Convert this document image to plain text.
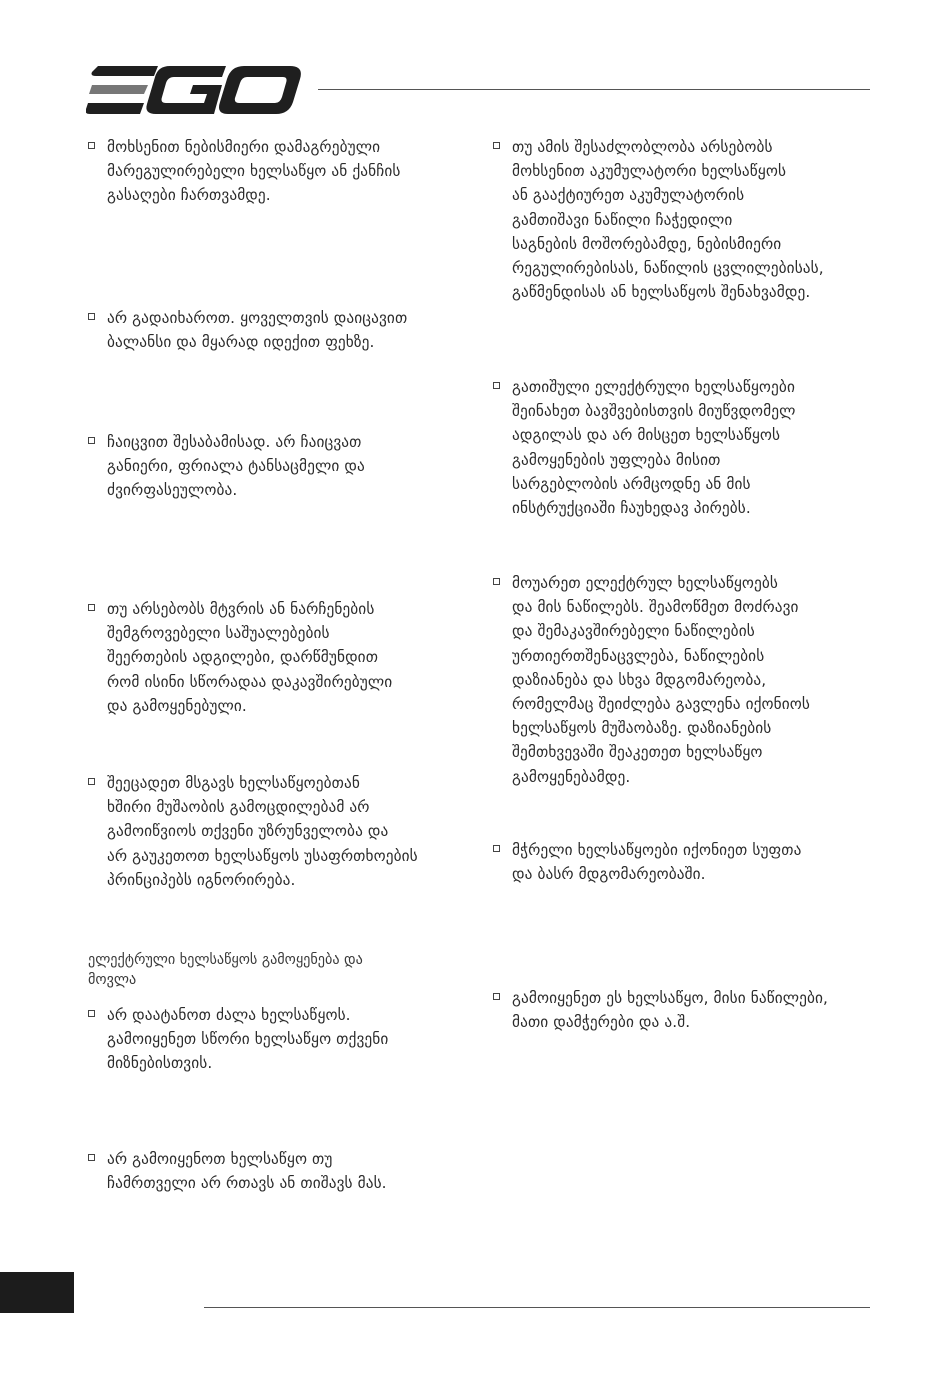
მოხსენით ნებისმიერი დამაგრებული
მარეგულირებელი ხელსაწყო ან ქანჩის
გასაღები ჩართვამდე.
არ გადაიხაროთ. ყოველთვის დაიცავით
ბალანსი და მყარად იდექით ფეხზე.
ჩაიცვით შესაბამისად. არ ჩაიცვათ
განიერი, ფრიალა ტანსაცმელი და
ძვირფასეულობა.
თუ არსებობს მტვრის ან ნარჩენების
შემგროვებელი საშუალებების
შეერთების ადგილები, დარწმუნდით
რომ ისინი სწორადაა დაკავშირებული
და გამოყენებული.
შეეცადეთ მსგავს ხელსაწყოებთან
ხშირი მუშაობის გამოცდილებამ არ
გამოიწვიოს თქვენი უზრუნველობა და
არ გაუკეთოთ ხელსაწყოს უსაფრთხოების
პრინციპებს იგნორირება.
ელექტრული ხელსაწყოს გამოყენება და
მოვლა
არ დაატანოთ ძალა ხელსაწყოს.
გამოიყენეთ სწორი ხელსაწყო თქვენი
მიზნებისთვის.
არ გამოიყენოთ ხელსაწყო თუ
ჩამრთველი არ რთავს ან თიშავს მას.
თუ ამის შესაძლობლობა არსებობს
მოხსენით აკუმულატორი ხელსაწყოს
ან გააქტიურეთ აკუმულატორის
გამთიშავი ნაწილი ჩაჭედილი
საგნების მოშორებამდე, ნებისმიერი
რეგულირებისას, ნაწილის ცვლილებისას,
გაწმენდისას ან ხელსაწყოს შენახვამდე.
გათიშული ელექტრული ხელსაწყოები
შეინახეთ ბავშვებისთვის მიუწვდომელ
ადგილას და არ მისცეთ ხელსაწყოს
გამოყენების უფლება მისით
სარგებლობის არმცოდნე ან მის
ინსტრუქციაში ჩაუხედავ პირებს.
მოუარეთ ელექტრულ ხელსაწყოებს
და მის ნაწილებს. შეამოწმეთ მოძრავი
და შემაკავშირებელი ნაწილების
ურთიერთშენაცვლება, ნაწილების
დაზიანება და სხვა მდგომარეობა,
რომელმაც შეიძლება გავლენა იქონიოს
ხელსაწყოს მუშაობაზე. დაზიანების
შემთხვევაში შეაკეთეთ ხელსაწყო
გამოყენებამდე.
მჭრელი ხელსაწყოები იქონიეთ სუფთა
და ბასრ მდგომარეობაში.
გამოიყენეთ ეს ხელსაწყო, მისი ნაწილები,
მათი დამჭერები და ა.შ.
